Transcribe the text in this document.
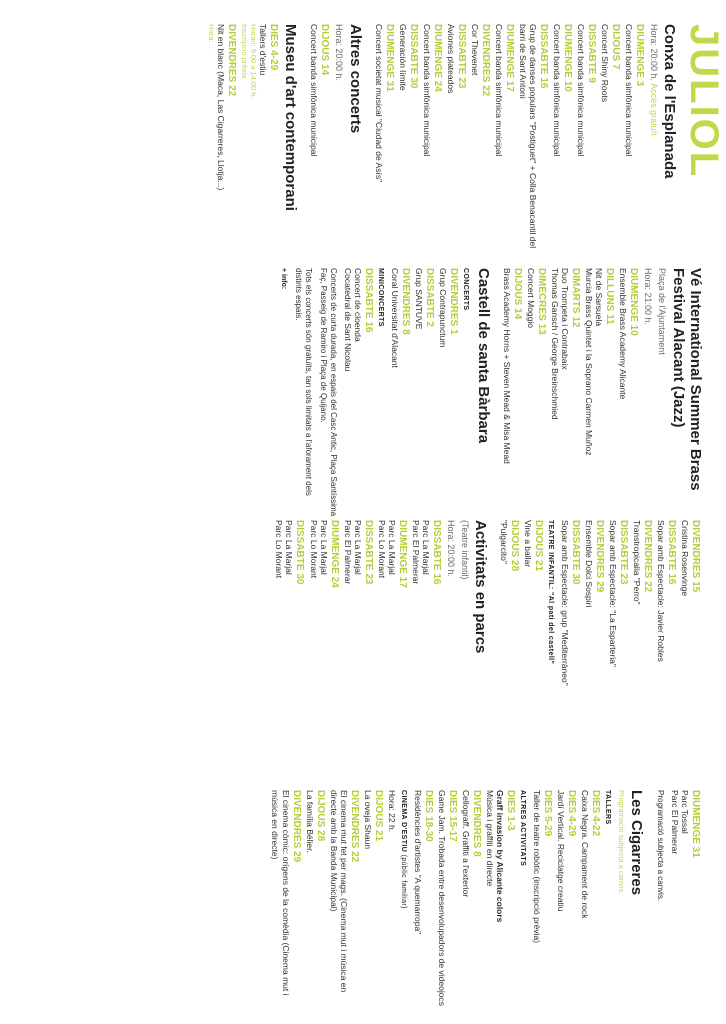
JULIOL
Conxa de l'Esplanada
Hora: 20:00 h. Accés gratuït
DIUMENGE 3
Concert banda simfònica municipal
DIJOUS 7
Concert Shiny Roots
DISSABTE 9
Concert banda simfònica municipal
DIUMENGE 10
Concert banda simfònica municipal
DISSABTE 16
Grup de danses populars "Postiguet" + Colla Benacantil del barri de Sant Antoni
DIUMENGE 17
Concert banda simfònica municipal
DIVENDRES 22
Cor Thevenet
DISSABTE 23
Aviones plateados
DIUMENGE 24
Concert banda simfònica municipal
DISSABTE 30
Generación límite
DIUMENGE 31
Concert societat musical "Ciudad de Asís"
Altres concerts
Hora: 20:00 h.
DIJOUS 14
Concert banda simfònica municipal
Museu d'art contemporani
DIES 4-29
Tallers d'estiu
Horari: 9:00 a 14:00 h.
Inscripció prèvia
DIVENDRES 22
Nit en blanc (Maca, Las Cigarreres, Llotja...)
Hora: ...
Vé International Summer Brass Festival Alacant (Jazz)
Plaça de l'Ajuntament
Hora: 21:00 h.
DIUMENGE 10
Ensemble Brass Academy Alicante
DILLUNS 11
Nit de Sarsuela
Murcia Brass Quintet i la Soprano Carmen Muñoz
DIMARTS 12
Duo Trompeta i Contrabaix
Thomas Gansch / George Breinschmied
DIMECRES 13
Concert Moggio
DIJOUS 14
Brass Academy Horns + Steven Mead & Misa Mead
Castell de santa Bàrbara
CONCERTS
DIVENDRES 1
Grup Contrapunctum
DISSABTE 2
Grup SANTUVE
DIVENDRES 8
Coral Universitat d'Alacant
MINICONCERTS
DISSABTE 16
Concert de cloenda
Cocatedral de Sant Nicolau
Concerts de curta durada, en espais del Casc Antic, Plaça Santíssima Faç, Passeig de Ramiro i Plaça de Quijano.
Tots els concerts són gratuïts, tan sols limitats a l'aforament dels distints espais.
+ info:
DIVENDRES 15
Cristina Rosenvinge
DISSABTE 16
Sopar amb Espectacle: Javier Robles
DIVENDRES 22
Transtropicalia "Perro"
DISSABTE 23
Sopar amb Espectacle: "La Esparteria"
DIVENDRES 29
Ensemble Dolci Sospiri
DISSABTE 30
Sopar amb Espectacle: grup "Mediterràneo"
TEATRE INFANTIL: "Al pati del castell"
DIJOUS 21
Vine a ballar
DIJOUS 28
"Pulgarcito"
Activitats en parcs
(Teatre infantil)
Hora: 20:00 h.
DISSABTE 16
Parc La Marjal
Parc El Palmerar
DIUMENGE 17
Parc La Marjal
Parc Lo Morant
DISSABTE 23
Parc La Marjal
Parc El Palmerar
DIUMENGE 24
Parc La Marjal
Parc Lo Morant
DISSABTE 30
Parc La Marjal
Parc Lo Morant
DIUMENGE 31
Parc Tossal
Parc El Palmerar
Programació subjecta a canvis.
Les Cigarreres
Programació subjecta a canvis.
TALLERS
DIES 4-22
Caixa Negra. Campament de rock
DIES 4-29
Jardí Vertical. Reciclatge creatiu
DIES 5-29
Taller de teatre robòtic (inscripció prèvia)
ALTRES ACTIVITATS
DIES 1-3
Graff invasion by Alicante colors
Música i graffiti en directe
DIVENDRES 8
Cellograff. Graffiti a l'exterior
DIES 15-17
Game Jam. Trobada entre desenvolupadors de videojocs
DIES 18-30
Residències d'artistes "A quemarropa"
CINEMA D'ESTIU (públic familiar)
Hora: 22 h.
DIJOUS 21
La oveja Shaun
DIVENDRES 22
El cinema mut fet per mags. (Cinema mut i música en directe amb la Banda Municipal)
DIJOUS 28
La família Bélier.
DIVENDRES 29
El cinema còmic: orígens de la comèdia (Cinema mut i música en directe)
